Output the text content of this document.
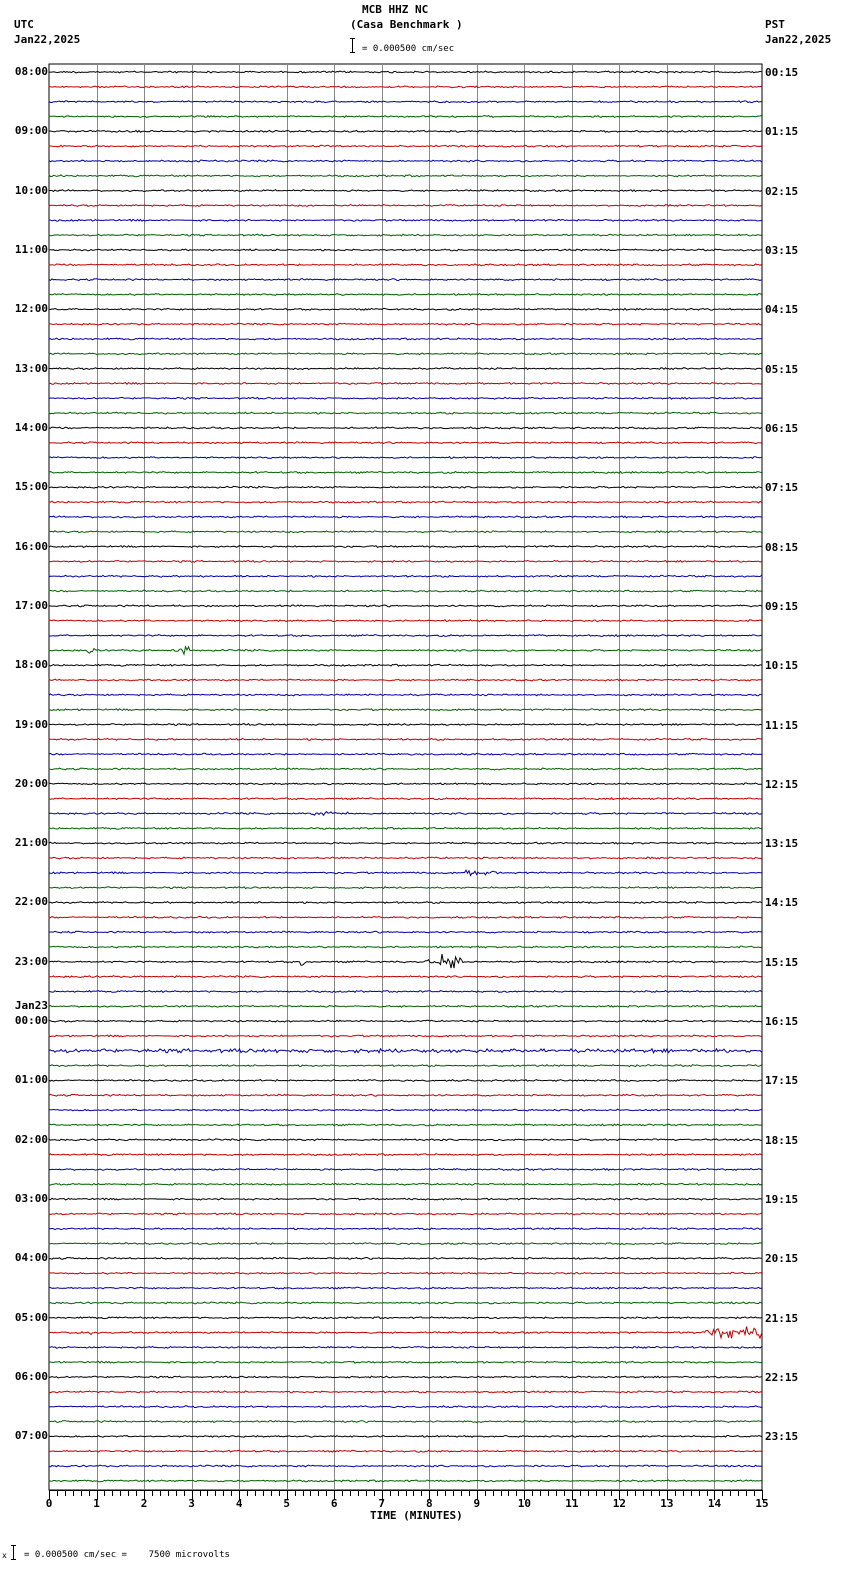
MCB HHZ NC
(Casa Benchmark )
UTC
Jan22,2025
PST
Jan22,2025
= 0.000500 cm/sec
0	1	2	3	4	5	6	7	8	9	10	11	12	13	14	15
08:00
09:00
10:00
11:00
12:00
13:00
14:00
15:00
16:00
17:00
18:00
19:00
20:00
21:00
22:00
23:00
Jan23
00:00
01:00
02:00
03:00
04:00
05:00
06:00
07:00
00:15
01:15
02:15
03:15
04:15
05:15
06:15
07:15
08:15
09:15
10:15
11:15
12:15
13:15
14:15
15:15
16:15
17:15
18:15
19:15
20:15
21:15
22:15
23:15
TIME (MINUTES)
x = 0.000500 cm/sec =    7500 microvolts
